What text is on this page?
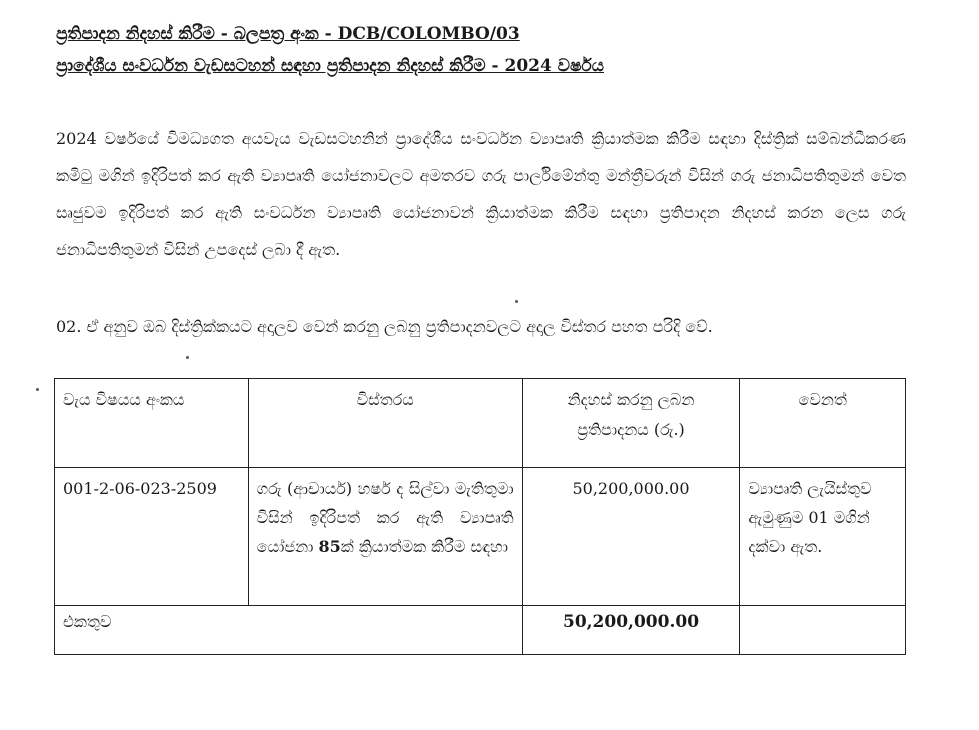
ප්‍රතිපාදන නිදහස් කිරීම - බලපත්‍ර අංක - DCB/COLOMBO/03
ප්‍රාදේශීය සංවර්ධන වැඩසටහන් සඳහා ප්‍රතිපාදන නිදහස් කිරීම - 2024 වර්ෂය
2024 වර්ෂයේ විමධ්‍යගත අයවැය වැඩසටහනින් ප්‍රාදේශීය සංවර්ධන ව්‍යාපෘති ක්‍රියාත්මක කිරීම සඳහා දිස්ත්‍රික් සම්බන්ධීකරණ කමිටු මගින් ඉදිරිපත් කර ඇති ව්‍යාපෘති යෝජනාවලට අමතරව ගරු පාර්ලිමේන්තු මන්ත්‍රීවරුන් විසින් ගරු ජනාධිපතිතුමන් වෙත සෘජුවම ඉදිරිපත් කර ඇති සංවර්ධන ව්‍යාපෘති යෝජනාවන් ක්‍රියාත්මක කිරීම සඳහා ප්‍රතිපාදන නිදහස් කරන ලෙස ගරු ජනාධිපතිතුමන් විසින් උපදෙස් ලබා දී ඇත.
02. ඒ අනුව ඔබ දිස්ත්‍රික්කයට අදාලව වෙන් කරනු ලබනු ප්‍රතිපාදනවලට අදාල විස්තර පහත පරිදි වේ.
වැය විෂයය අංකය	විස්තරය	නිදහස් කරනු ලබන ප්‍රතිපාදනය (රු.)	වෙනත්
001-2-06-023-2509	ගරු (ආචාර්ය) හර්ෂ ද සිල්වා මැතිතුමා විසින් ඉදිරිපත් කර ඇති ව්‍යාපෘති යෝජනා 85ක් ක්‍රියාත්මක කිරීම සඳහා	50,200,000.00	ව්‍යාපෘති ලැයිස්තුව ඇමුණුම 01 මගින් දක්වා ඇත.
එකතුව		50,200,000.00	
